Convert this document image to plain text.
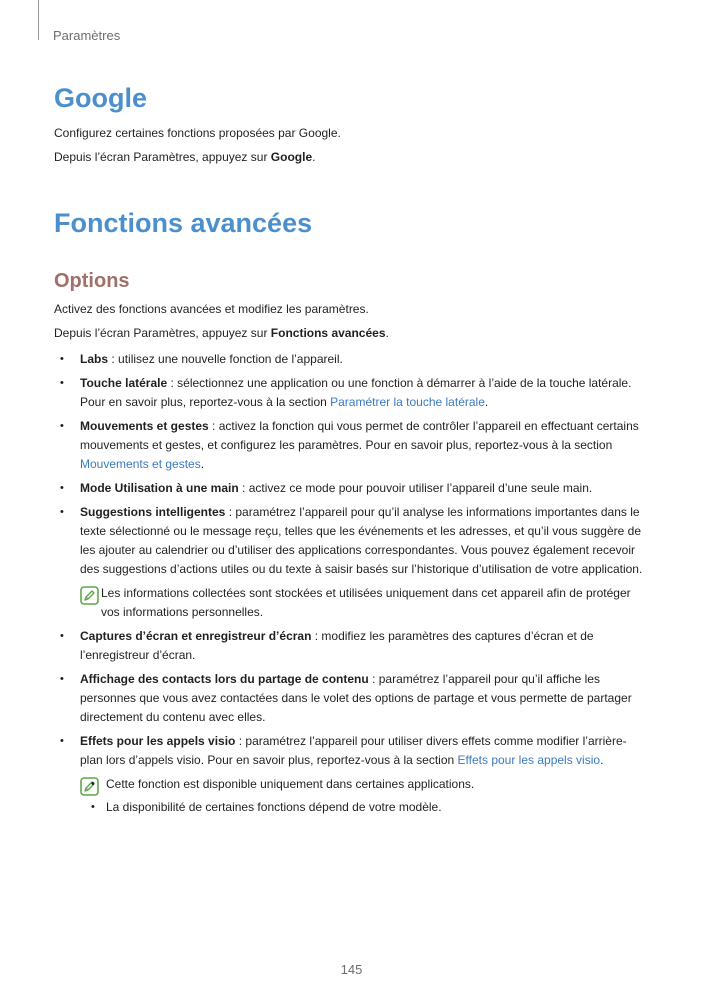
Paramètres
Google

Configurez certaines fonctions proposées par Google.

Depuis l’écran Paramètres, appuyez sur Google.

Fonctions avancées
Options

Activez des fonctions avancées et modifiez les paramètres.

Depuis l’écran Paramètres, appuyez sur Fonctions avancées.

• Labs : utilisez une nouvelle fonction de l’appareil.
• Touche latérale : sélectionnez une application ou une fonction à démarrer à l’aide de la touche latérale. Pour en savoir plus, reportez-vous à la section Paramétrer la touche latérale.
• Mouvements et gestes : activez la fonction qui vous permet de contrôler l’appareil en effectuant certains mouvements et gestes, et configurez les paramètres. Pour en savoir plus, reportez-vous à la section Mouvements et gestes.
• Mode Utilisation à une main : activez ce mode pour pouvoir utiliser l’appareil d’une seule main.
• Suggestions intelligentes : paramétrez l’appareil pour qu’il analyse les informations importantes dans le texte sélectionné ou le message reçu, telles que les événements et les adresses, et qu’il vous suggère de les ajouter au calendrier ou d’utiliser des applications correspondantes. Vous pouvez également recevoir des suggestions d’actions utiles ou du texte à saisir basés sur l’historique d’utilisation de votre application.
Les informations collectées sont stockées et utilisées uniquement dans cet appareil afin de protéger vos informations personnelles.
• Captures d’écran et enregistreur d’écran : modifiez les paramètres des captures d’écran et de l’enregistreur d’écran.
• Affichage des contacts lors du partage de contenu : paramétrez l’appareil pour qu’il affiche les personnes que vous avez contactées dans le volet des options de partage et vous permette de partager directement du contenu avec elles.
• Effets pour les appels visio : paramétrez l’appareil pour utiliser divers effets comme modifier l’arrière-plan lors d’appels visio. Pour en savoir plus, reportez-vous à la section Effets pour les appels visio.
• Cette fonction est disponible uniquement dans certaines applications.
• La disponibilité de certaines fonctions dépend de votre modèle.
145
